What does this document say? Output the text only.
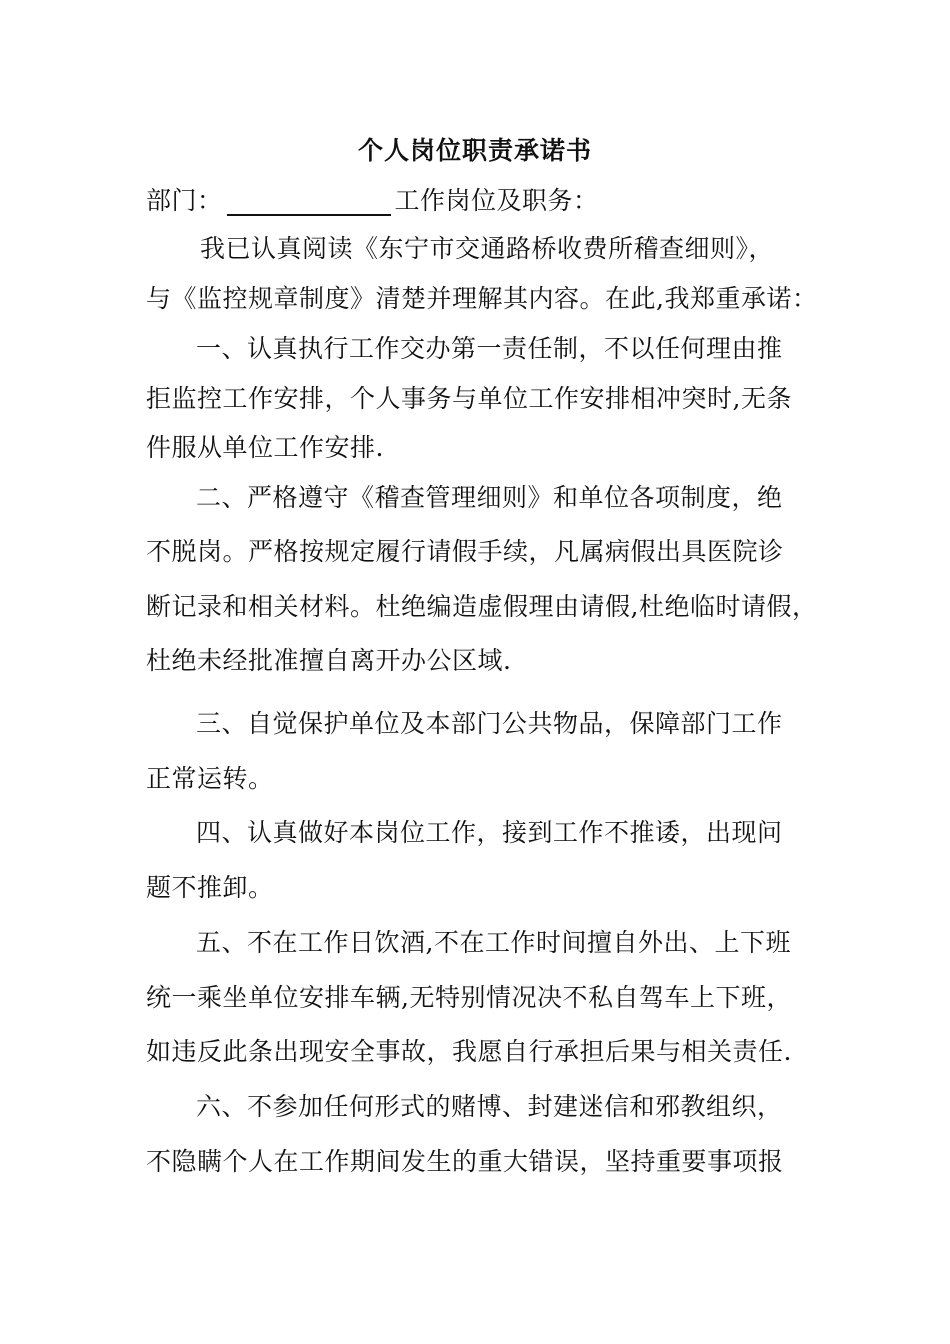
个人岗位职责承诺书
部门：	工作岗位及职务：
我已认真阅读《东宁市交通路桥收费所稽查细则》，
与《监控规章制度》清楚并理解其内容。在此,我郑重承诺：
一、认真执行工作交办第一责任制，不以任何理由推
拒监控工作安排，个人事务与单位工作安排相冲突时,无条
件服从单位工作安排.
二、严格遵守《稽查管理细则》和单位各项制度，绝
不脱岗。严格按规定履行请假手续，凡属病假出具医院诊
断记录和相关材料。杜绝编造虚假理由请假,杜绝临时请假，
杜绝未经批准擅自离开办公区域.
三、自觉保护单位及本部门公共物品，保障部门工作
正常运转。
四、认真做好本岗位工作，接到工作不推诿，出现问
题不推卸。
五、不在工作日饮酒,不在工作时间擅自外出、上下班
统一乘坐单位安排车辆,无特别情况决不私自驾车上下班，
如违反此条出现安全事故，我愿自行承担后果与相关责任.
六、不参加任何形式的赌博、封建迷信和邪教组织，
不隐瞒个人在工作期间发生的重大错误，坚持重要事项报
